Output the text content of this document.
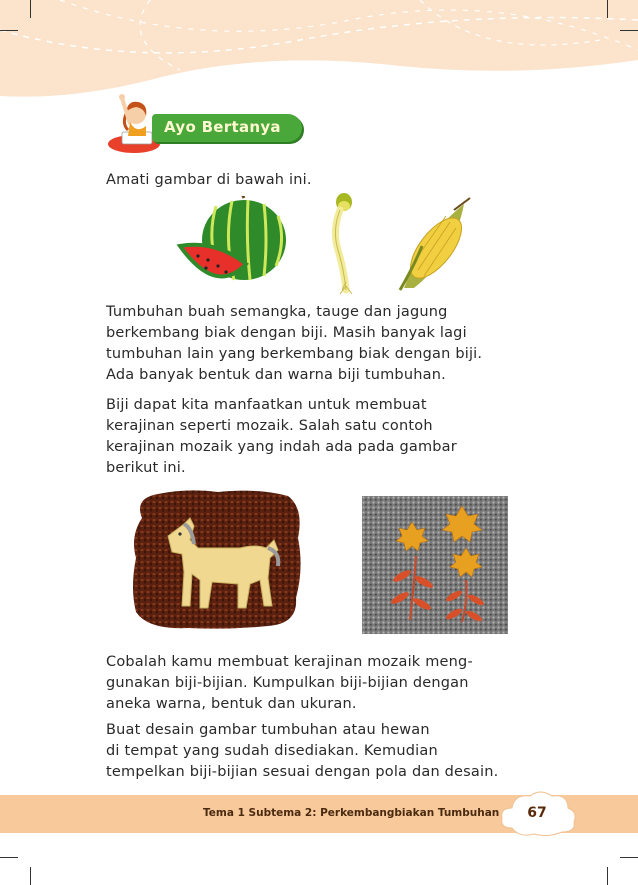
Ayo Bertanya

Amati gambar di bawah ini.

Tumbuhan buah semangka, tauge dan jagung

berkembang biak dengan biji. Masih banyak lagi

tumbuhan lain yang berkembang biak dengan biji.

Ada banyak bentuk dan warna biji tumbuhan.

Biji dapat kita manfaatkan untuk membuat

kerajinan seperti mozaik. Salah satu contoh

kerajinan mozaik yang indah ada pada gambar

berikut ini.

Cobalah kamu membuat kerajinan mozaik meng-

gunakan biji-bijian. Kumpulkan biji-bijian dengan

aneka warna, bentuk dan ukuran.

Buat desain gambar tumbuhan atau hewan

di tempat yang sudah disediakan. Kemudian

tempelkan biji-bijian sesuai dengan pola dan desain.

Tema 1 Subtema 2: Perkembangbiakan Tumbuhan	67
